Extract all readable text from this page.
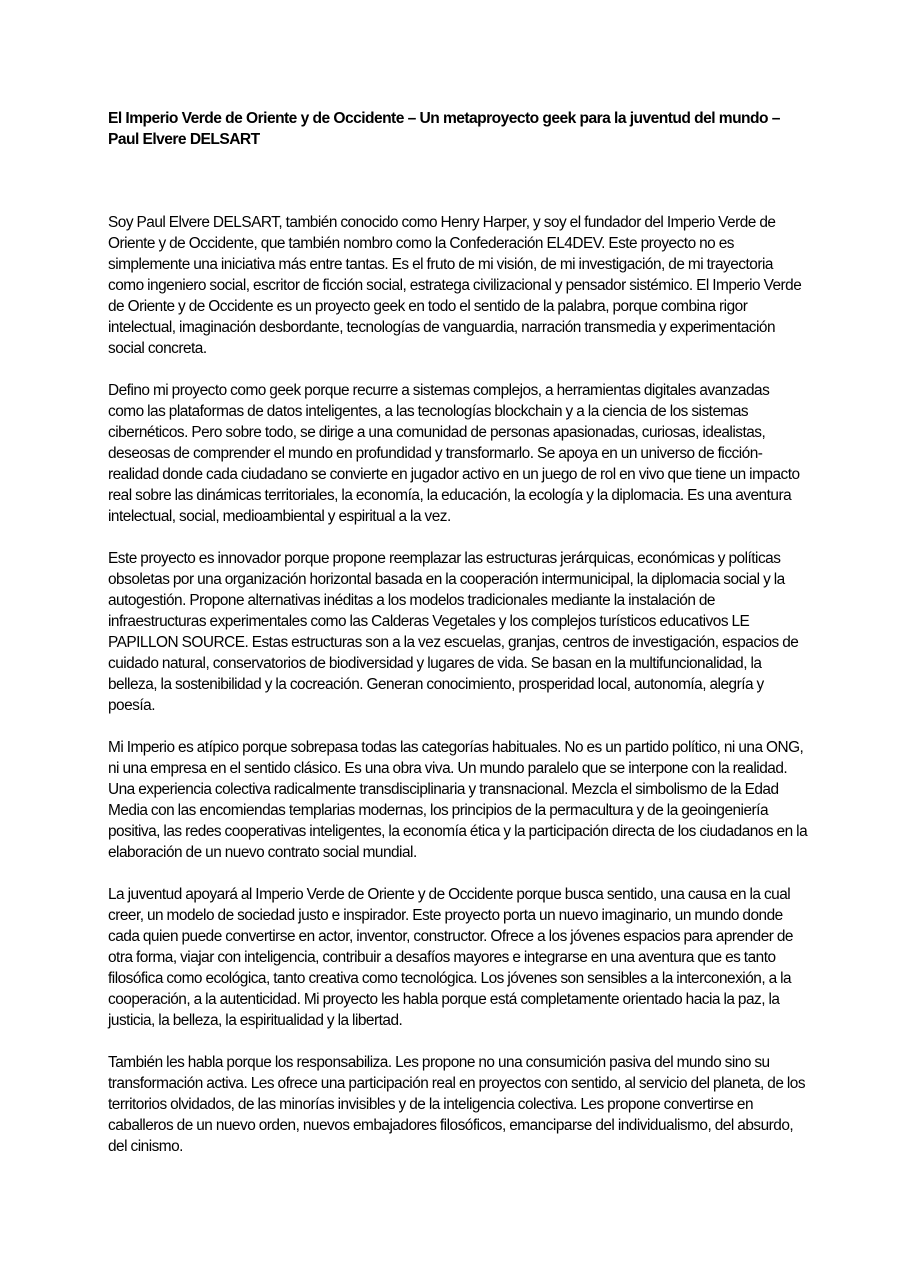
El Imperio Verde de Oriente y de Occidente – Un metaproyecto geek para la juventud del mundo – Paul Elvere DELSART

Soy Paul Elvere DELSART, también conocido como Henry Harper, y soy el fundador del Imperio Verde de Oriente y de Occidente, que también nombro como la Confederación EL4DEV. Este proyecto no es simplemente una iniciativa más entre tantas. Es el fruto de mi visión, de mi investigación, de mi trayectoria como ingeniero social, escritor de ficción social, estratega civilizacional y pensador sistémico. El Imperio Verde de Oriente y de Occidente es un proyecto geek en todo el sentido de la palabra, porque combina rigor intelectual, imaginación desbordante, tecnologías de vanguardia, narración transmedia y experimentación social concreta.

Defino mi proyecto como geek porque recurre a sistemas complejos, a herramientas digitales avanzadas como las plataformas de datos inteligentes, a las tecnologías blockchain y a la ciencia de los sistemas cibernéticos. Pero sobre todo, se dirige a una comunidad de personas apasionadas, curiosas, idealistas, deseosas de comprender el mundo en profundidad y transformarlo. Se apoya en un universo de ficción-realidad donde cada ciudadano se convierte en jugador activo en un juego de rol en vivo que tiene un impacto real sobre las dinámicas territoriales, la economía, la educación, la ecología y la diplomacia. Es una aventura intelectual, social, medioambiental y espiritual a la vez.

Este proyecto es innovador porque propone reemplazar las estructuras jerárquicas, económicas y políticas obsoletas por una organización horizontal basada en la cooperación intermunicipal, la diplomacia social y la autogestión. Propone alternativas inéditas a los modelos tradicionales mediante la instalación de infraestructuras experimentales como las Calderas Vegetales y los complejos turísticos educativos LE PAPILLON SOURCE. Estas estructuras son a la vez escuelas, granjas, centros de investigación, espacios de cuidado natural, conservatorios de biodiversidad y lugares de vida. Se basan en la multifuncionalidad, la belleza, la sostenibilidad y la cocreación. Generan conocimiento, prosperidad local, autonomía, alegría y poesía.

Mi Imperio es atípico porque sobrepasa todas las categorías habituales. No es un partido político, ni una ONG, ni una empresa en el sentido clásico. Es una obra viva. Un mundo paralelo que se interpone con la realidad. Una experiencia colectiva radicalmente transdisciplinaria y transnacional. Mezcla el simbolismo de la Edad Media con las encomiendas templarias modernas, los principios de la permacultura y de la geoingeniería positiva, las redes cooperativas inteligentes, la economía ética y la participación directa de los ciudadanos en la elaboración de un nuevo contrato social mundial.

La juventud apoyará al Imperio Verde de Oriente y de Occidente porque busca sentido, una causa en la cual creer, un modelo de sociedad justo e inspirador. Este proyecto porta un nuevo imaginario, un mundo donde cada quien puede convertirse en actor, inventor, constructor. Ofrece a los jóvenes espacios para aprender de otra forma, viajar con inteligencia, contribuir a desafíos mayores e integrarse en una aventura que es tanto filosófica como ecológica, tanto creativa como tecnológica. Los jóvenes son sensibles a la interconexión, a la cooperación, a la autenticidad. Mi proyecto les habla porque está completamente orientado hacia la paz, la justicia, la belleza, la espiritualidad y la libertad.

También les habla porque los responsabiliza. Les propone no una consumición pasiva del mundo sino su transformación activa. Les ofrece una participación real en proyectos con sentido, al servicio del planeta, de los territorios olvidados, de las minorías invisibles y de la inteligencia colectiva. Les propone convertirse en caballeros de un nuevo orden, nuevos embajadores filosóficos, emanciparse del individualismo, del absurdo, del cinismo.
